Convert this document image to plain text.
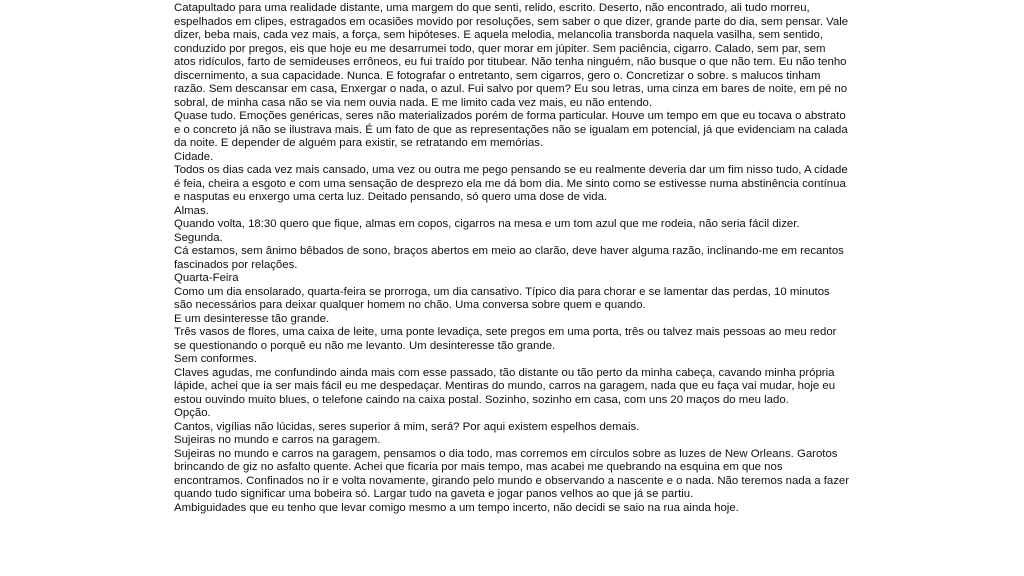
Catapultado para uma realidade distante, uma margem do que senti, relido, escrito. Deserto, não encontrado, ali tudo morreu, espelhados em clipes, estragados em ocasiões movido por resoluções, sem saber o que dizer, grande parte do dia, sem pensar. Vale dizer, beba mais, cada vez mais, a força, sem hipóteses. E aquela melodia, melancolia transborda naquela vasilha, sem sentido, conduzido por pregos, eis que hoje eu me desarrumei todo, quer morar em júpiter. Sem paciência, cigarro. Calado, sem par, sem atos ridículos, farto de semideuses errôneos, eu fui traído por titubear. Não tenha ninguém, não busque o que não tem. Eu não tenho discernimento, a sua capacidade. Nunca. E fotografar o entretanto, sem cigarros, gero o. Concretizar o sobre. s malucos tinham razão. Sem descansar em casa, Enxergar o nada, o azul. Fui salvo por quem? Eu sou letras, uma cinza em bares de noite, em pé no sobral, de minha casa não se via nem ouvia nada. E me limito cada vez mais, eu não entendo.

Quase tudo. Emoções genéricas, seres não materializados porém de forma particular. Houve um tempo em que eu tocava o abstrato e o concreto já não se ilustrava mais. É um fato de que as representações não se igualam em potencial, já que evidenciam na calada da noite. E depender de alguém para existir, se retratando em memórias.

Cidade.

Todos os dias cada vez mais cansado, uma vez ou outra me pego pensando se eu realmente deveria dar um fim nisso tudo, A cidade é feia, cheira a esgoto e com uma sensação de desprezo ela me dá bom dia. Me sinto como se estivesse numa abstinência contínua e nasputas eu enxergo uma certa luz. Deitado pensando, só quero uma dose de vida.

Almas.

Quando volta, 18:30 quero que fique, almas em copos, cigarros na mesa e um tom azul que me rodeia, não seria fácil dizer.

Segunda.

Cá estamos, sem ânimo bêbados de sono, braços abertos em meio ao clarão, deve haver alguma razão, inclinando-me em recantos fascinados por relações.

Quarta-Feira

Como um dia ensolarado, quarta-feira se prorroga, um dia cansativo. Típico dia para chorar e se lamentar das perdas, 10 minutos são necessários para deixar qualquer homem no chão. Uma conversa sobre quem e quando.

E um desinteresse tão grande.

Três vasos de flores, uma caixa de leite, uma ponte levadiça, sete pregos em uma porta, três ou talvez mais pessoas ao meu redor se questionando o porquê eu não me levanto. Um desinteresse tão grande.

Sem conformes.

Claves agudas, me confundindo ainda mais com esse passado, tão distante ou tão perto da minha cabeça, cavando minha própria lápide, achei que ia ser mais fácil eu me despedaçar. Mentiras do mundo, carros na garagem, nada que eu faça vai mudar, hoje eu estou ouvindo muito blues, o telefone caindo na caixa postal. Sozinho, sozinho em casa, com uns 20 maços do meu lado.

Opção.

Cantos, vigílias não lúcidas, seres superior á mim, será? Por aqui existem espelhos demais.

Sujeiras no mundo e carros na garagem.

Sujeiras no mundo e carros na garagem, pensamos o dia todo, mas corremos em círculos sobre as luzes de New Orleans. Garotos brincando de giz no asfalto quente. Achei que ficaria por mais tempo, mas acabei me quebrando na esquina em que nos encontramos. Confinados no ir e volta novamente, girando pelo mundo e observando a nascente e o nada. Não teremos nada a fazer quando tudo significar uma bobeira só. Largar tudo na gaveta e jogar panos velhos ao que já se partiu.

Ambiguidades que eu tenho que levar comigo mesmo a um tempo incerto, não decidi se saio na rua ainda hoje.
